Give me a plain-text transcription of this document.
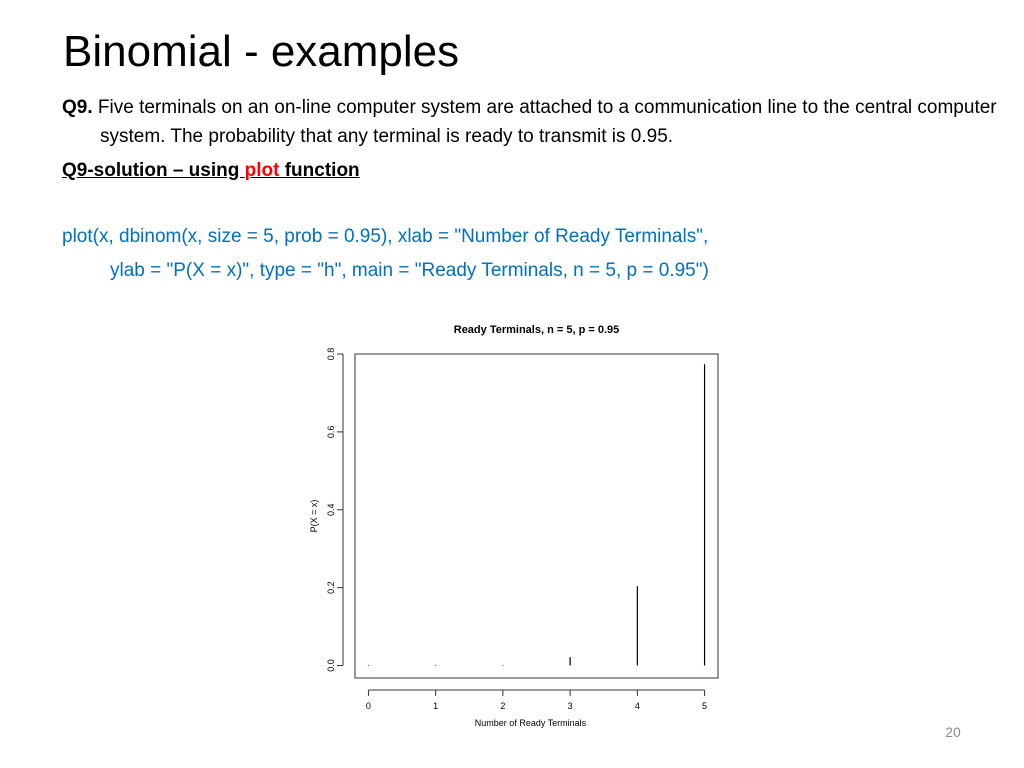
Binomial - examples

Q9. Five terminals on an on-line computer system are attached to a communication line to the central computer system. The probability that any terminal is ready to transmit is 0.95.

Q9-solution – using plot function

plot(x, dbinom(x, size = 5, prob = 0.95), xlab = "Number of Ready Terminals",

ylab = "P(X = x)", type = "h", main = "Ready Terminals, n = 5, p = 0.95")

Ready Terminals, n = 5, p = 0.95
0	1	2	3	4	5
0.0
0.2
0.4
0.6
0.8
Number of Ready Terminals
P(X = x)
20
